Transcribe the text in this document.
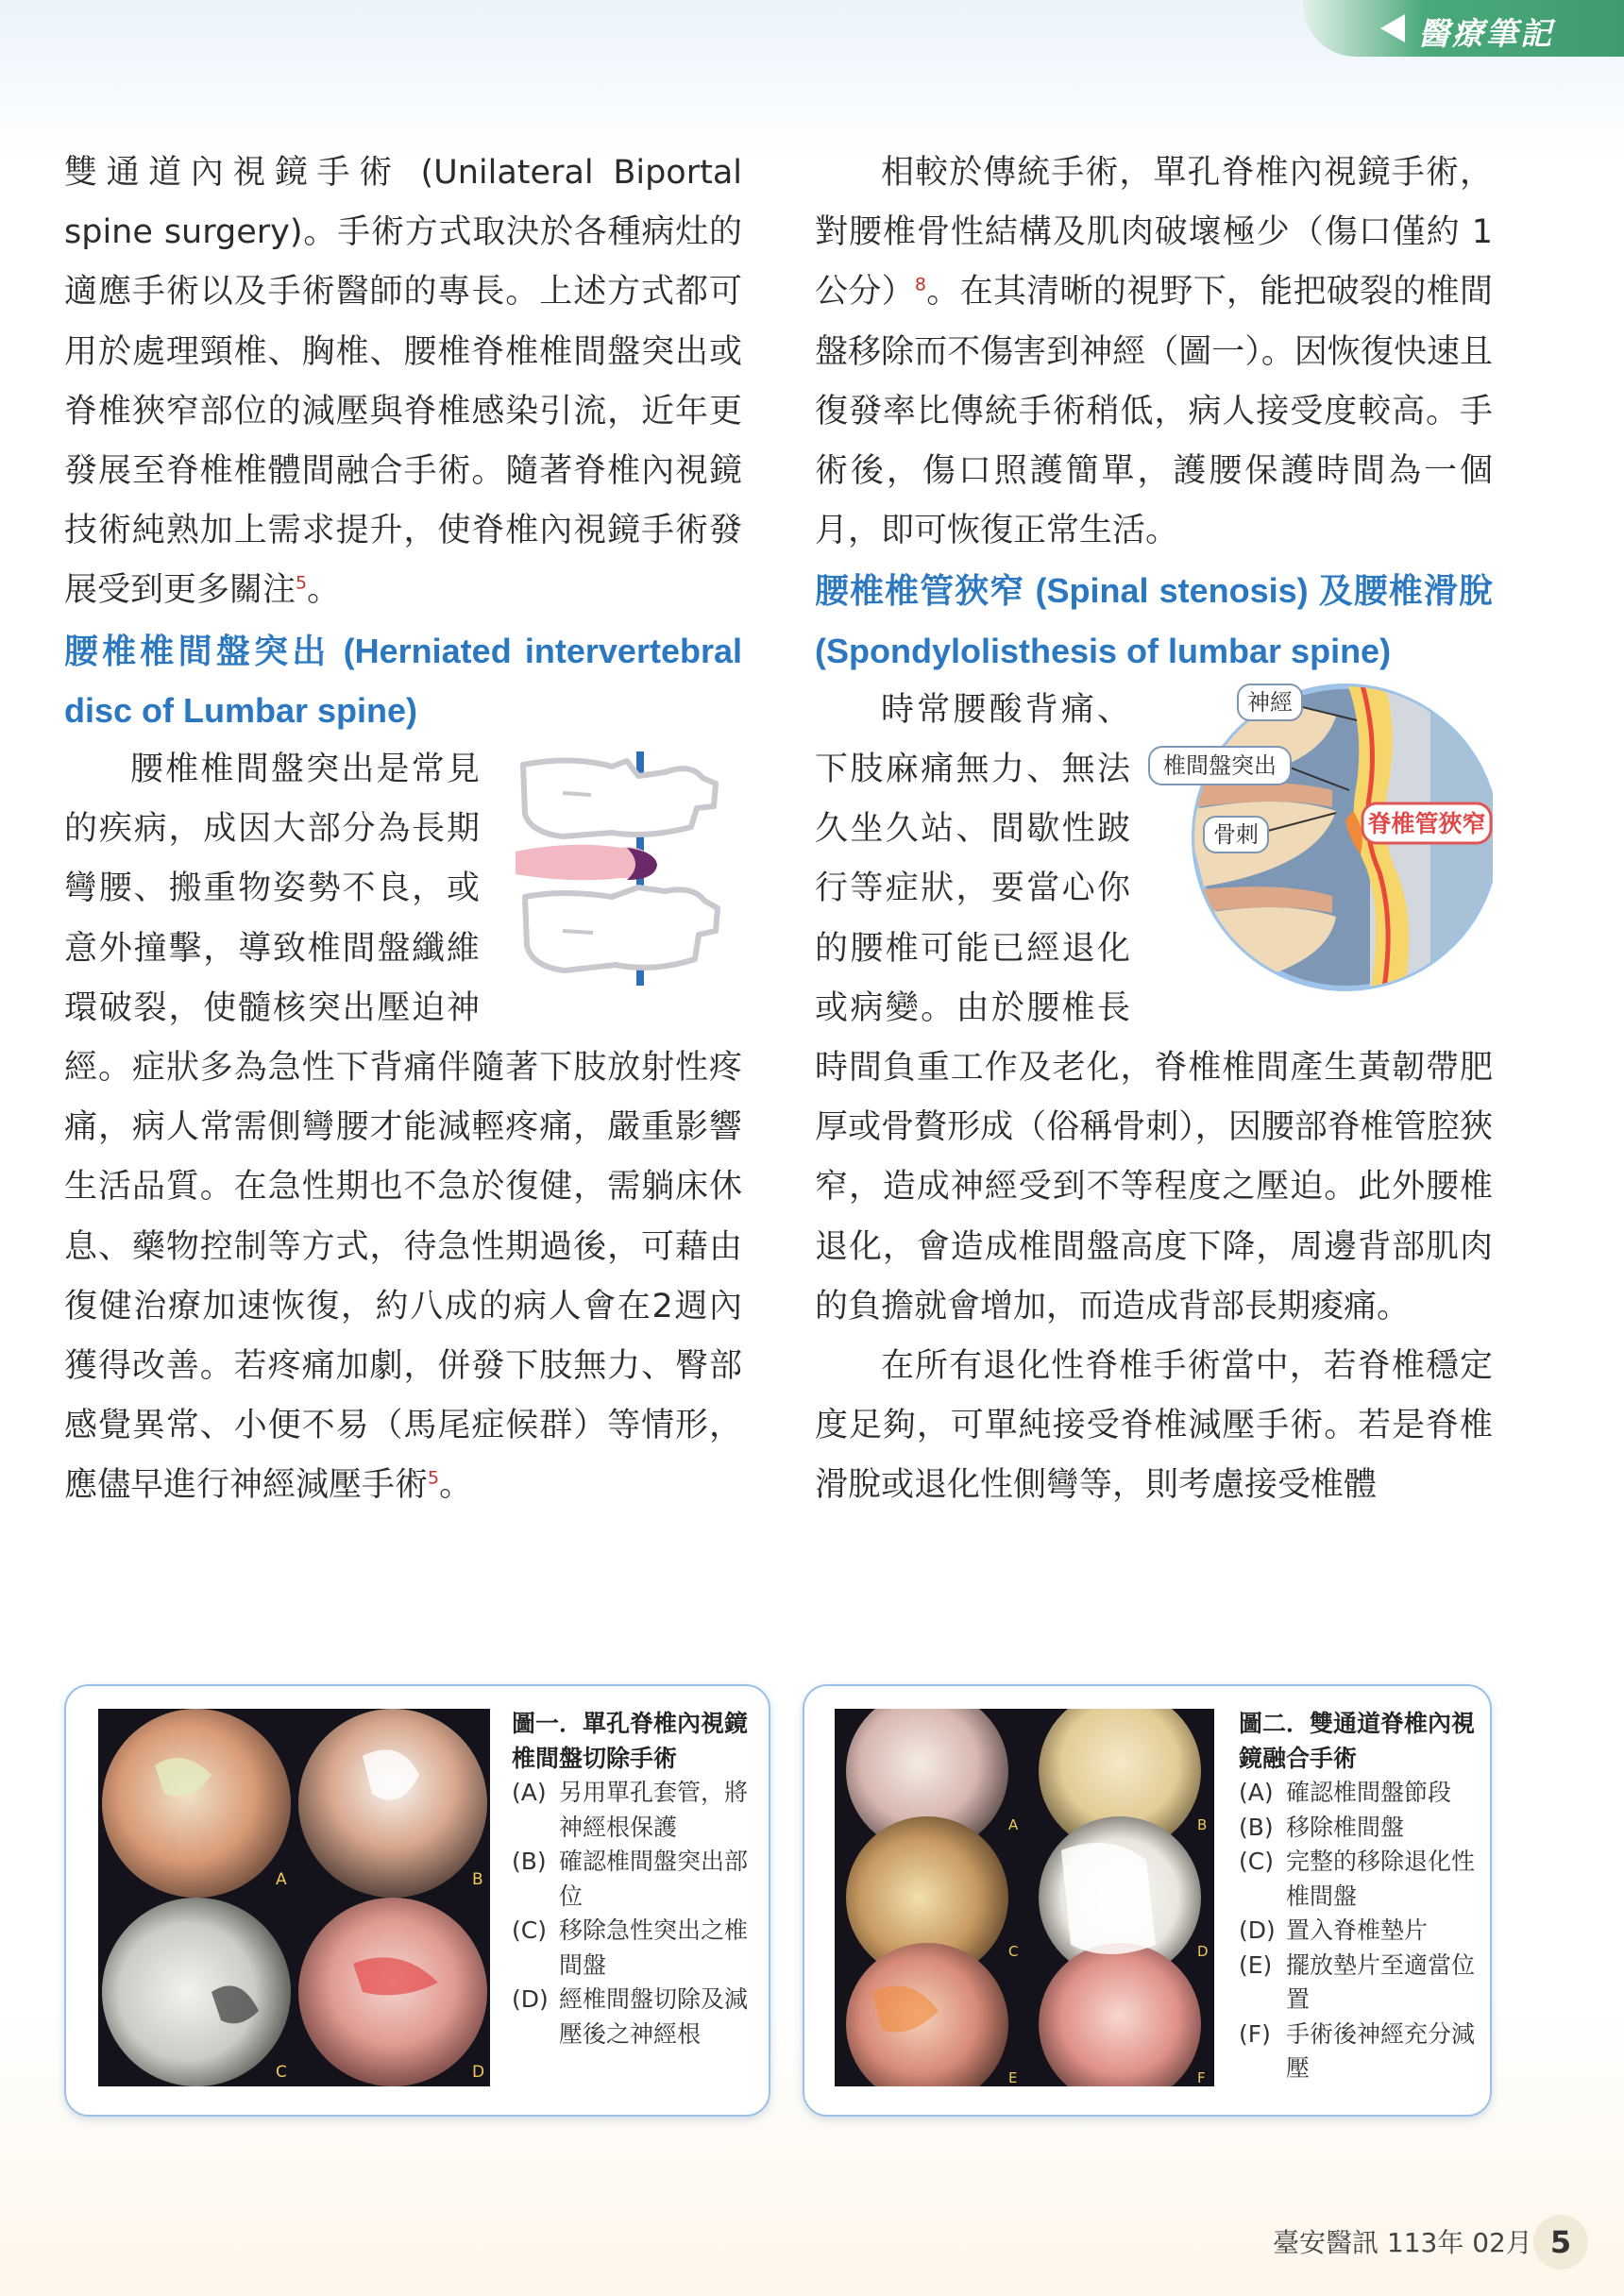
醫療筆記

雙通道內視鏡手術 (Unilateral Biportal spine surgery)。手術方式取決於各種病灶的適應手術以及手術醫師的專長。上述方式都可用於處理頸椎、胸椎、腰椎脊椎椎間盤突出或脊椎狹窄部位的減壓與脊椎感染引流，近年更發展至脊椎椎體間融合手術。隨著脊椎內視鏡技術純熟加上需求提升，使脊椎內視鏡手術發展受到更多關注$^5$。

腰椎椎間盤突出 (Herniated intervertebral disc of Lumbar spine)

腰椎椎間盤突出是常見的疾病，成因大部分為長期彎腰、搬重物姿勢不良，或意外撞擊，導致椎間盤纖維環破裂，使髓核突出壓迫神經。症狀多為急性下背痛伴隨著下肢放射性疼痛，病人常需側彎腰才能減輕疼痛，嚴重影響生活品質。在急性期也不急於復健，需躺床休息、藥物控制等方式，待急性期過後，可藉由復健治療加速恢復，約八成的病人會在2週內獲得改善。若疼痛加劇，併發下肢無力、臀部感覺異常、小便不易（馬尾症候群）等情形，應儘早進行神經減壓手術$^5$。

相較於傳統手術，單孔脊椎內視鏡手術，對腰椎骨性結構及肌肉破壞極少（傷口僅約 1 公分）$^8$。在其清晰的視野下，能把破裂的椎間盤移除而不傷害到神經（圖一）。因恢復快速且復發率比傳統手術稍低，病人接受度較高。手術後，傷口照護簡單，護腰保護時間為一個月，即可恢復正常生活。

腰椎椎管狹窄 (Spinal stenosis) 及腰椎滑脫 (Spondylolisthesis of lumbar spine)

神經
椎間盤突出
骨刺	脊椎管狹窄

時常腰酸背痛、下肢麻痛無力、無法久坐久站、間歇性跛行等症狀，要當心你的腰椎可能已經退化或病變。由於腰椎長時間負重工作及老化，脊椎椎間產生黃韌帶肥厚或骨贅形成（俗稱骨刺），因腰部脊椎管腔狹窄，造成神經受到不等程度之壓迫。此外腰椎退化，會造成椎間盤高度下降，周邊背部肌肉的負擔就會增加，而造成背部長期痠痛。

在所有退化性脊椎手術當中，若脊椎穩定度足夠，可單純接受脊椎減壓手術。若是脊椎滑脫或退化性側彎等，則考慮接受椎體

A	B
C	D
圖一．單孔脊椎內視鏡椎間盤切除手術
(A) 另用單孔套管，將神經根保護
(B) 確認椎間盤突出部位
(C) 移除急性突出之椎間盤
(D) 經椎間盤切除及減壓後之神經根
A	B
C	D
E	F
圖二．雙通道脊椎內視鏡融合手術
(A) 確認椎間盤節段
(B) 移除椎間盤
(C) 完整的移除退化性椎間盤
(D) 置入脊椎墊片
(E) 擺放墊片至適當位置
(F) 手術後神經充分減壓
臺安醫訊 113年 02月 5
